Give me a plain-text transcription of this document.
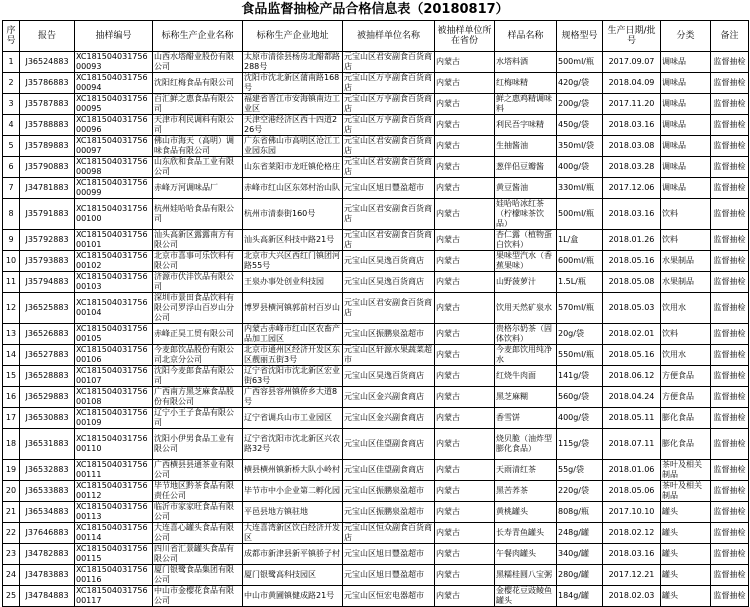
食品监督抽检产品合格信息表（20180817）
序号	报告	抽样编号	标称生产企业名称	标称生产企业地址	被抽样单位名称	被抽样单位所在省份	样品名称	规格型号	生产日期/批号	分类	备注
1	J36524883	XC18150403175600093	山西水塔醋业股份有限公司	太原市清徐县杨房北醋都路288号	元宝山区君安副食百货商店	内蒙古	水塔料酒	500ml/瓶	2017.09.07	调味品	监督抽检
2	J35786883	XC18150403175600094	沈阳红梅食品有限公司	沈阳市沈北新区蒲南路168号	元宝山区万亨副食百货商店	内蒙古	红梅味精	420g/袋	2018.04.09	调味品	监督抽检
3	J35787883	XC18150403175600095	百汇鲜之惠食品有限公司	福建省晋江市安海镇南边工业区	元宝山区万亨副食百货商店	内蒙古	鲜之惠鸡精调味料	200g/袋	2017.11.20	调味品	监督抽检
4	J35788883	XC18150403175600096	天津市利民调料有限公司	天津空港经济区西十四道226号	元宝山区万亨副食百货商店	内蒙古	利民吾字味精	450g/袋	2018.03.16	调味品	监督抽检
5	J35789883	XC18150403175600097	佛山市海天（高明）调味食品有限公司	广东省佛山市高明区沧江工业园东园	元宝山区君安副食百货商店	内蒙古	生抽酱油	350ml/袋	2018.03.08	调味品	监督抽检
6	J35790883	XC18150403175600098	山东欣和食品工业有限公司	山东省莱阳市龙旺镇伦格庄	元宝山区君安副食百货商店	内蒙古	葱伴侣豆瓣酱	400g/袋	2018.03.28	调味品	监督抽检
7	J34781883	XC18150403175600099	赤峰万河调味品厂	赤峰市红山区东郊村治山队	元宝山区旭日豐盈超市	内蒙古	黄豆酱油	330ml/瓶	2017.12.06	调味品	监督抽检
8	J35791883	XC18150403175600100	杭州娃哈哈食品有限公司	杭州市清泰街160号	元宝山区君安副食百货商店	内蒙古	娃哈哈冰红茶（柠檬味茶饮品）	500ml/瓶	2018.03.16	饮料	监督抽检
9	J35792883	XC18150403175600101	汕头高新区露露南方有限公司	汕头高新区科技中路21号	元宝山区君安副食百货商店	内蒙古	杏仁露（植物蛋白饮料）	1L/盒	2018.01.26	饮料	监督抽检
10	J35793883	XC18150403175600102	北京市喜事可乐饮料有限公司	北京市大兴区西红门镇团河路55号	元宝山区昊逸百货商店	内蒙古	果味型汽水（香蕉果味）	600ml/瓶	2018.05.16	水果制品	监督抽检
11	J35794883	XC18150403175600103	济源市伏沣饮品有限公司	王泉办事处创业科技园	元宝山区昊逸百货商店	内蒙古	山野菠萝汁	1.5L/瓶	2018.05.08	水果制品	监督抽检
12	J36525883	XC18150403175600104	深圳市景田食品饮料有限公司罗浮山百岁山分公司	博罗县横河镇郭前村百岁山	元宝山区君安副食百货商店	内蒙古	饮用天然矿泉水	570ml/瓶	2018.05.03	饮用水	监督抽检
13	J36526883	XC18150403175600105	赤峰正昊工贸有限公司	内蒙古赤峰市红山区农畜产品加工园区	元宝山区振鹏泉盈超市	内蒙古	贵格尔奶茶（固体饮料）	20g/袋	2018.02.01	饮料	监督抽检
14	J36527883	XC18150403175600106	今麦郎饮品股份有限公司北京分公司	北京市通州区经济开发区东区靓丽五街3号	元宝山区轩源水果蔬菜超市	内蒙古	今麦郎饮用纯净水	550ml/瓶	2018.05.16	饮用水	监督抽检
15	J36528883	XC18150403175600107	沈阳今麦郎食品有限公司	辽宁省沈阳市沈北新区宏业街63号	元宝山区昊逸百货商店	内蒙古	红烧牛肉面	141g/袋	2018.06.12	方便食品	监督抽检
16	J36529883	XC18150403175600108	广西南方黑芝麻食品股份有限公司	广西容县容州镇侨乡大道8号	元宝山区金兴副食商店	内蒙古	黑芝麻糊	560g/袋	2018.04.24	方便食品	监督抽检
17	J36530883	XC18150403175600109	辽宁小王子食品有限公司	辽宁省调兵山市工业园区	元宝山区金兴副食商店	内蒙古	香雪饼	400g/袋	2018.05.11	膨化食品	监督抽检
18	J36531883	XC18150403175600110	沈阳小伊男食品工业有限公司	辽宁省沈阳市沈北新区兴农路32号	元宝山区佳望副食商店	内蒙古	烧贝脆（油炸型膨化食品）	115g/袋	2018.07.11	膨化食品	监督抽检
19	J36532883	XC18150403175600111	广西横县县通茶业有限公司	横县横州镇新桥大队小岭村	元宝山区佳望副食商店	内蒙古	天雨清红茶	55g/袋	2018.01.06	茶叶及相关制品	监督抽检
20	J36533883	XC18150403175600112	毕节地区黔茶食品有限责任公司	毕节市中小企业第二孵化园	元宝山区振鹏泉盈超市	内蒙古	黑苦荞茶	220g/袋	2018.05.06	茶叶及相关制品	监督抽检
21	J36534883	XC18150403175600113	临沂市家家旺食品有限公司	平邑县地方镇驻地	元宝山区振鹏泉盈超市	内蒙古	黄桃罐头	808g/瓶	2017.10.10	罐头	监督抽检
22	J37646883	XC18150403175600114	大连喜心罐头食品有限公司	大连喜湾新区饮白经济开发区	元宝山区恒众副食百货商店	内蒙古	长寿青鱼罐头	248g/罐	2018.02.12	罐头	监督抽检
23	J34782883	XC18150403175600115	四川省汇景罐头食品有限公司	成都市新津县新平镇骄子村	元宝山区旭日豐盈超市	内蒙古	午餐肉罐头	340g/罐	2018.03.16	罐头	监督抽检
24	J34783883	XC18150403175600116	厦门银鹭食品集团有限公司	厦门银鹭高科技园区	元宝山区旭日豐盈超市	内蒙古	黑糯桂圆八宝粥	280g/罐	2017.12.21	罐头	监督抽检
25	J34784883	XC18150403175600117	中山市金樱花食品有限公司	中山市黄圃镇健成路21号	元宝山区恒宏电器超市	内蒙古	金樱花豆豉鲮鱼罐头	184g/罐	2018.02.03	罐头	监督抽检
